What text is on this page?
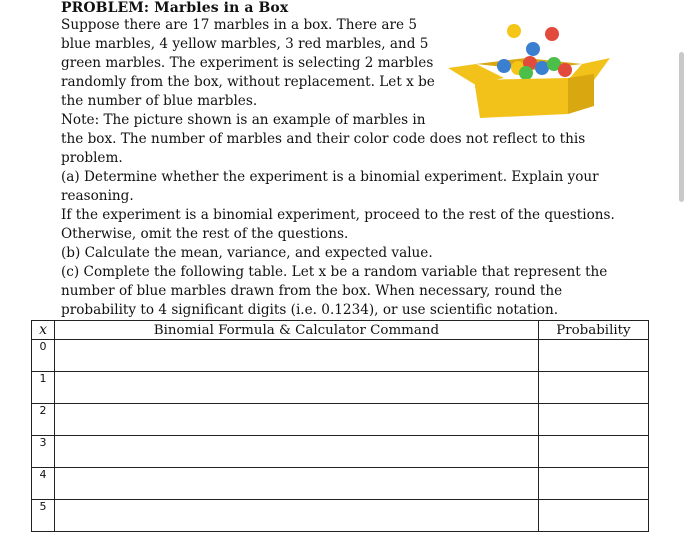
PROBLEM: Marbles in a Box
Suppose there are 17 marbles in a box. There are 5
blue marbles, 4 yellow marbles, 3 red marbles, and 5
green marbles. The experiment is selecting 2 marbles
randomly from the box, without replacement. Let x be
the number of blue marbles.
Note: The picture shown is an example of marbles in
the box. The number of marbles and their color code does not reflect to this
problem.
(a) Determine whether the experiment is a binomial experiment. Explain your
reasoning.
If the experiment is a binomial experiment, proceed to the rest of the questions.
Otherwise, omit the rest of the questions.
(b) Calculate the mean, variance, and expected value.
(c) Complete the following table. Let x be a random variable that represent the
number of blue marbles drawn from the box. When necessary, round the
probability to 4 significant digits (i.e. 0.1234), or use scientific notation.
x	Binomial Formula & Calculator Command	Probability
0		
1		
2		
3		
4		
5		
